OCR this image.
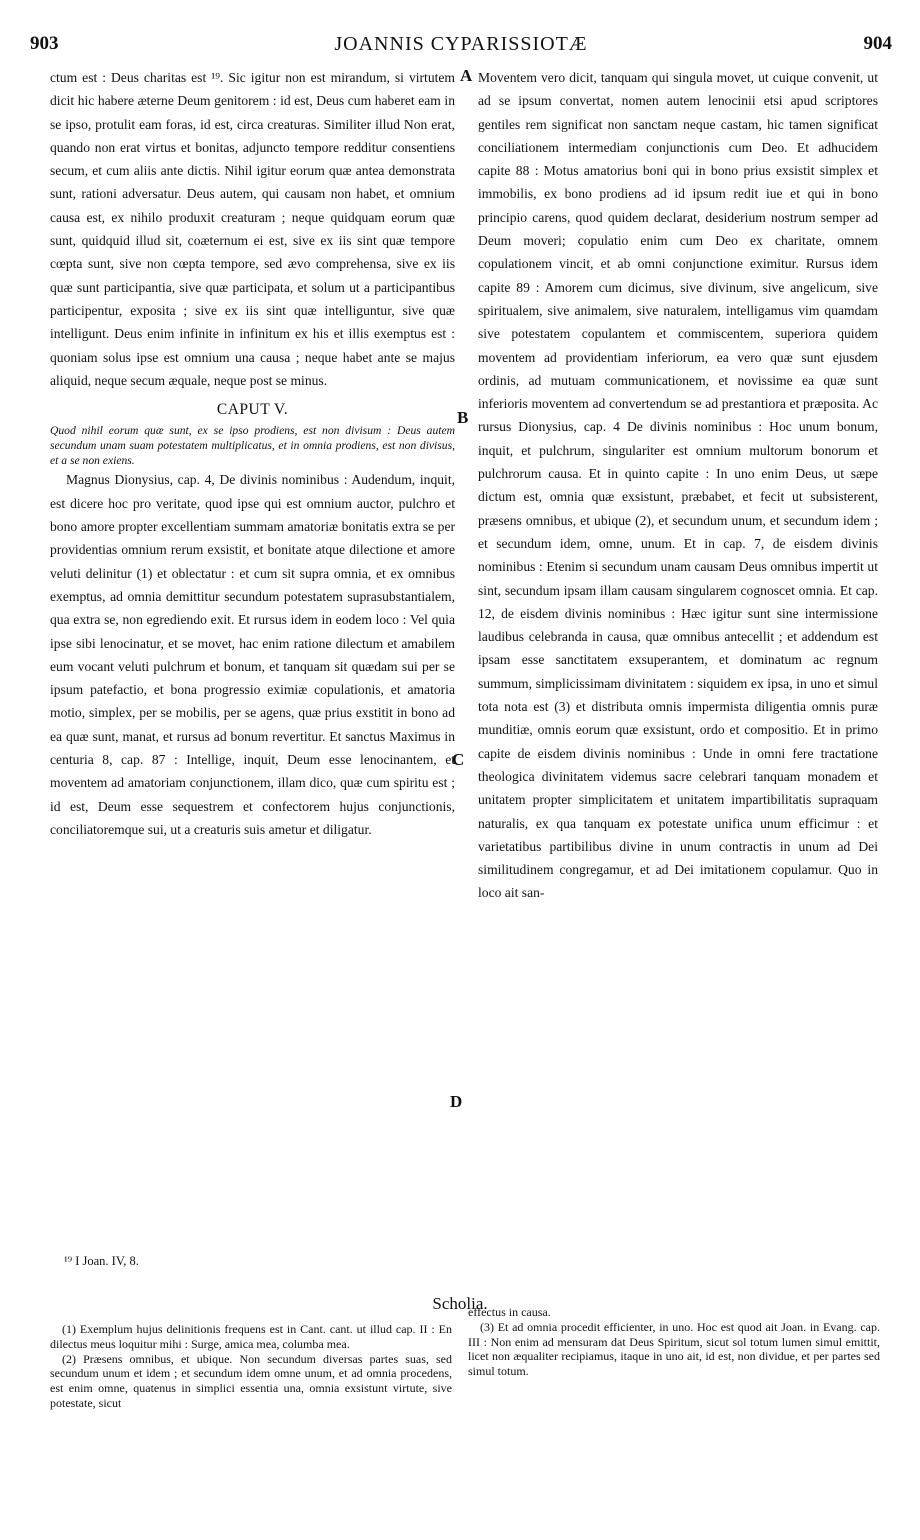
903	JOANNIS CYPARISSIOTÆ	904

ctum est : Deus charitas est ¹⁹. Sic igitur non est mirandum, si virtutem dicit hic habere æterne Deum genitorem : id est, Deus cum haberet eam in se ipso, protulit eam foras, id est, circa creaturas. Similiter illud Non erat, quando non erat virtus et bonitas, adjuncto tempore redditur consentiens secum, et cum aliis ante dictis. Nihil igitur eorum quæ antea demonstrata sunt, rationi adversatur. Deus autem, qui causam non habet, et omnium causa est, ex nihilo produxit creaturam ; neque quidquam eorum quæ sunt, quidquid illud sit, coæternum ei est, sive ex iis sint quæ tempore cœpta sunt, sive non cœpta tempore, sed ævo comprehensa, sive ex iis quæ sunt participantia, sive quæ participata, et solum ut a participantibus participentur, exposita ; sive ex iis sint quæ intelliguntur, sive quæ intelligunt. Deus enim infinite in infinitum ex his et illis exemptus est : quoniam solus ipse est omnium una causa ; neque habet ante se majus aliquid, neque secum æquale, neque post se minus.

CAPUT V.

Quod nihil eorum quæ sunt, ex se ipso prodiens, est non divisum : Deus autem secundum unam suam potestatem multiplicatus, et in omnia prodiens, est non divisus, et a se non exiens.

Magnus Dionysius, cap. 4, De divinis nominibus : Audendum, inquit, est dicere hoc pro veritate, quod ipse qui est omnium auctor, pulchro et bono amore propter excellentiam summam amatoriæ bonitatis extra se per providentias omnium rerum exsistit, et bonitate atque dilectione et amore veluti delinitur (1) et oblectatur : et cum sit supra omnia, et ex omnibus exemptus, ad omnia demittitur secundum potestatem suprasubstantialem, qua extra se, non egrediendo exit. Et rursus idem in eodem loco : Vel quia ipse sibi lenocinatur, et se movet, hac enim ratione dilectum et amabilem eum vocant veluti pulchrum et bonum, et tanquam sit quædam sui per se ipsum patefactio, et bona progressio eximiæ copulationis, et amatoria motio, simplex, per se mobilis, per se agens, quæ prius exstitit in bono ad ea quæ sunt, manat, et rursus ad bonum revertitur. Et sanctus Maximus in centuria 8, cap. 87 : Intellige, inquit, Deum esse lenocinantem, et moventem ad amatoriam conjunctionem, illam dico, quæ cum spiritu est ; id est, Deum esse sequestrem et confectorem hujus conjunctionis, conciliatoremque sui, ut a creaturis suis ametur et diligatur.

Moventem vero dicit, tanquam qui singula movet, ut cuique convenit, ut ad se ipsum convertat, nomen autem lenocinii etsi apud scriptores gentiles rem significat non sanctam neque castam, hic tamen significat conciliationem intermediam conjunctionis cum Deo. Et adhucidem capite 88 : Motus amatorius boni qui in bono prius exsistit simplex et immobilis, ex bono prodiens ad id ipsum redit iue et qui in bono principio carens, quod quidem declarat, desiderium nostrum semper ad Deum moveri; copulatio enim cum Deo ex charitate, omnem copulationem vincit, et ab omni conjunctione eximitur. Rursus idem capite 89 : Amorem cum dicimus, sive divinum, sive angelicum, sive spiritualem, sive animalem, sive naturalem, intelligamus vim quamdam sive potestatem copulantem et commiscentem, superiora quidem moventem ad providentiam inferiorum, ea vero quæ sunt ejusdem ordinis, ad mutuam communicationem, et novissime ea quæ sunt inferioris moventem ad convertendum se ad prestantiora et præposita. Ac rursus Dionysius, cap. 4 De divinis nominibus : Hoc unum bonum, inquit, et pulchrum, singulariter est omnium multorum bonorum et pulchrorum causa. Et in quinto capite : In uno enim Deus, ut sæpe dictum est, omnia quæ exsistunt, præbabet, et fecit ut subsisterent, præsens omnibus, et ubique (2), et secundum unum, et secundum idem ; et secundum idem, omne, unum. Et in cap. 7, de eisdem divinis nominibus : Etenim si secundum unam causam Deus omnibus impertit ut sint, secundum ipsam illam causam singularem cognoscet omnia. Et cap. 12, de eisdem divinis nominibus : Hæc igitur sunt sine intermissione laudibus celebranda in causa, quæ omnibus antecellit ; et addendum est ipsam esse sanctitatem exsuperantem, et dominatum ac regnum summum, simplicissimam divinitatem : siquidem ex ipsa, in uno et simul tota nota est (3) et distributa omnis impermista diligentia omnis puræ munditiæ, omnis eorum quæ exsistunt, ordo et compositio. Et in primo capite de eisdem divinis nominibus : Unde in omni fere tractatione theologica divinitatem videmus sacre celebrari tanquam monadem et unitatem propter simplicitatem et unitatem impartibilitatis supraquam naturalis, ex qua tanquam ex potestate unifica unum efficimur : et varietatibus partibilibus divine in unum contractis in unum ad Dei similitudinem congregamur, et ad Dei imitationem copulamur. Quo in loco ait san-

A
B
C
D
¹⁹ I Joan. IV, 8.
Scholia.

(1) Exemplum hujus delinitionis frequens est in Cant. cant. ut illud cap. II : En dilectus meus loquitur mihi : Surge, amica mea, columba mea.

(2) Præsens omnibus, et ubique. Non secundum diversas partes suas, sed secundum unum et idem ; et secundum idem omne unum, et ad omnia procedens, est enim omne, quatenus in simplici essentia una, omnia exsistunt virtute, sive potestate, sicut

effectus in causa.

(3) Et ad omnia procedit efficienter, in uno. Hoc est quod ait Joan. in Evang. cap. III : Non enim ad mensuram dat Deus Spiritum, sicut sol totum lumen simul emittit, licet non æqualiter recipiamus, itaque in uno ait, id est, non dividue, et per partes sed simul totum.
